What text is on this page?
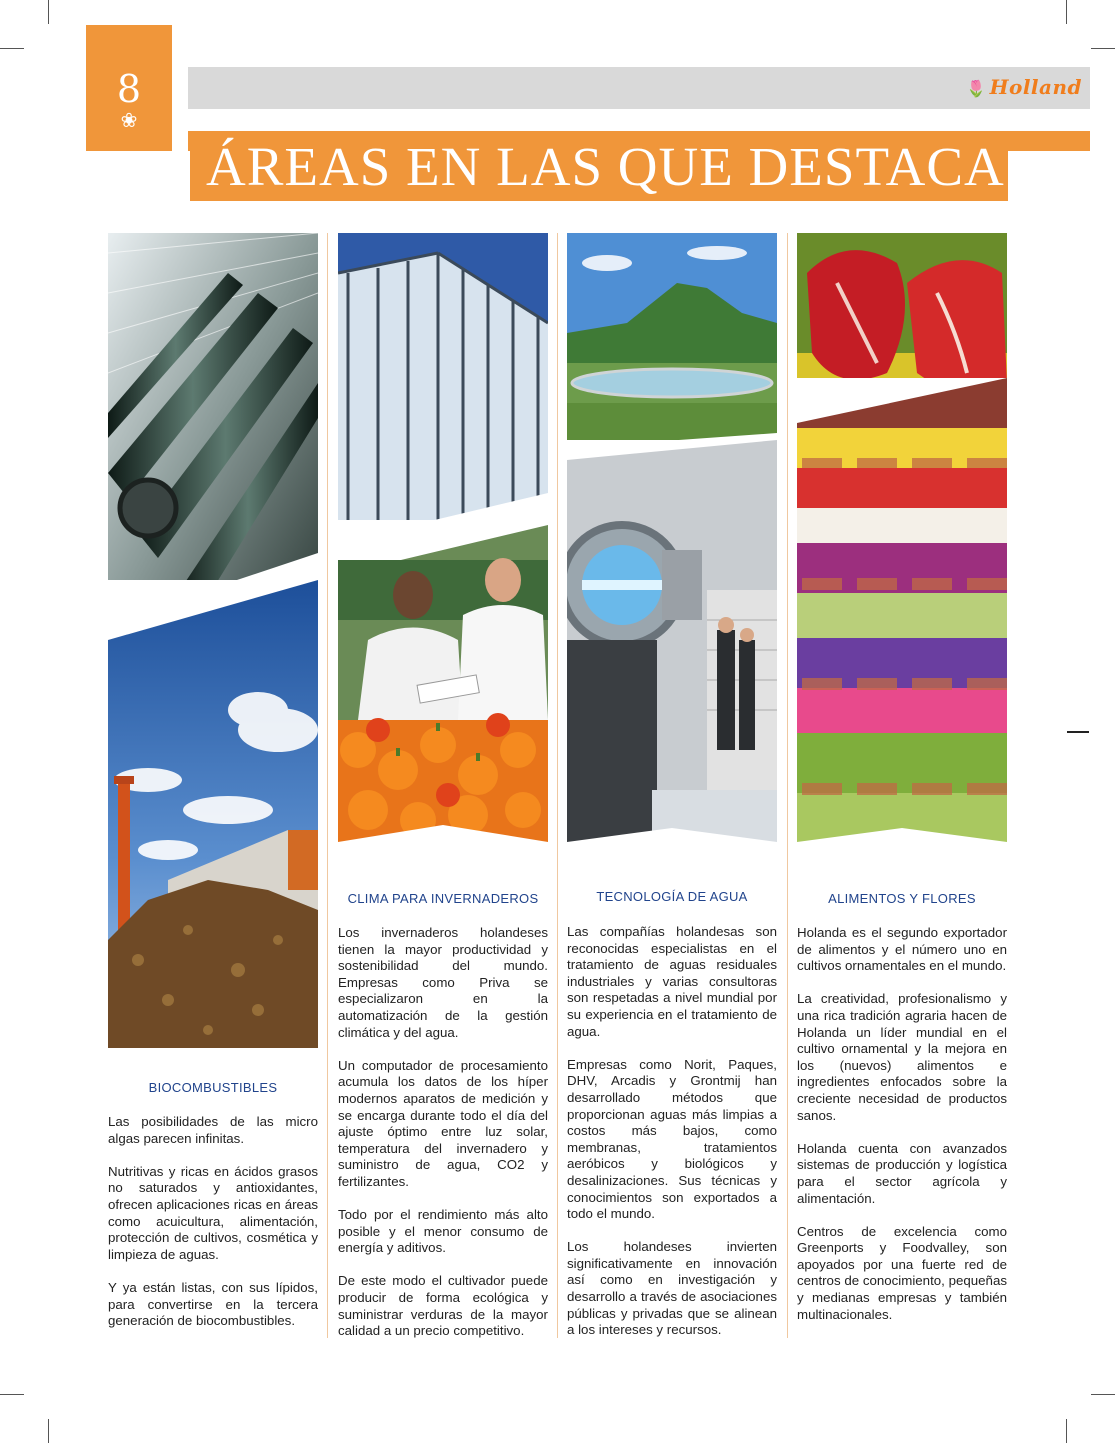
8
❀
🌷 Holland
ÁREAS EN LAS QUE DESTACA
BIOCOMBUSTIBLES

Las posibilidades de las micro algas parecen infinitas.

Nutritivas y ricas en ácidos grasos no saturados y antioxidantes, ofrecen aplicaciones ricas en áreas como acuicultura, alimentación, protección de cultivos, cosmética y limpieza de aguas.

Y ya están listas, con sus lípidos, para convertirse en la tercera generación de biocombustibles.

CLIMA PARA INVERNADEROS

Los invernaderos holandeses tienen la mayor productividad y sostenibilidad del mundo. Empresas como Priva se especializaron en la automatización de la gestión climática y del agua.

Un computador de procesamiento acumula los datos de los híper modernos aparatos de medición y se encarga durante todo el día del ajuste óptimo entre luz solar, temperatura del invernadero y suministro de agua, CO2 y fertilizantes.

Todo por el rendimiento más alto posible y el menor consumo de energía y aditivos.

De este modo el cultivador puede producir de forma ecológica y suministrar verduras de la mayor calidad a un precio competitivo.

TECNOLOGÍA DE AGUA

Las compañías holandesas son reconocidas especialistas en el tratamiento de aguas residuales industriales y varias consultoras son respetadas a nivel mundial por su experiencia en el tratamiento de agua.

Empresas como Norit, Paques, DHV, Arcadis y Grontmij han desarrollado métodos que proporcionan aguas más limpias a costos más bajos, como membranas, tratamientos aeróbicos y biológicos y desalinizaciones. Sus técnicas y conocimientos son exportados a todo el mundo.

Los holandeses invierten significativamente en innovación así como en investigación y desarrollo a través de asociaciones públicas y privadas que se alinean a los intereses y recursos.

ALIMENTOS Y FLORES

Holanda es el segundo exportador de alimentos y el número uno en cultivos ornamentales en el mundo.

La creatividad, profesionalismo y una rica tradición agraria hacen de Holanda un líder mundial en el cultivo ornamental y la mejora en los (nuevos) alimentos e ingredientes enfocados sobre la creciente necesidad de productos sanos.

Holanda cuenta con avanzados sistemas de producción y logística para el sector agrícola y alimentación.

Centros de excelencia como Greenports y Foodvalley, son apoyados por una fuerte red de centros de conocimiento, pequeñas y medianas empresas y también multinacionales.
